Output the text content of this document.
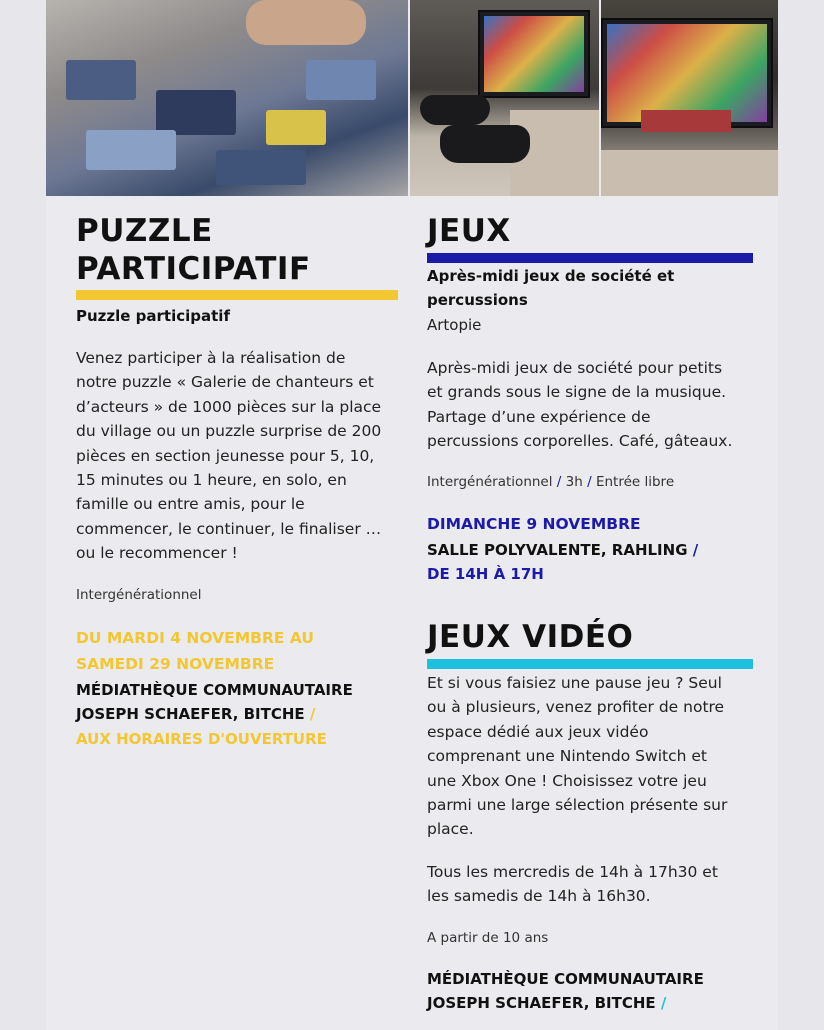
PUZZLE
PARTICIPATIF
Puzzle participatif
Venez participer à la réalisation de
notre puzzle « Galerie de chanteurs et
d’acteurs » de 1000 pièces sur la place
du village ou un puzzle surprise de 200
pièces en section jeunesse pour 5, 10,
15 minutes ou 1 heure, en solo, en
famille ou entre amis, pour le
commencer, le continuer, le finaliser …
ou le recommencer !
Intergénérationnel
DU MARDI 4 NOVEMBRE AU
SAMEDI 29 NOVEMBRE
MÉDIATHÈQUE COMMUNAUTAIRE
JOSEPH SCHAEFER, BITCHE /
AUX HORAIRES D'OUVERTURE
JEUX
Après-midi jeux de société et
percussions
Artopie
Après-midi jeux de société pour petits
et grands sous le signe de la musique.
Partage d’une expérience de
percussions corporelles. Café, gâteaux.
Intergénérationnel / 3h / Entrée libre
DIMANCHE 9 NOVEMBRE
SALLE POLYVALENTE, RAHLING /
DE 14H À 17H
JEUX VIDÉO
Et si vous faisiez une pause jeu ? Seul
ou à plusieurs, venez profiter de notre
espace dédié aux jeux vidéo
comprenant une Nintendo Switch et
une Xbox One ! Choisissez votre jeu
parmi une large sélection présente sur
place.
Tous les mercredis de 14h à 17h30 et
les samedis de 14h à 16h30.
A partir de 10 ans
MÉDIATHÈQUE COMMUNAUTAIRE
JOSEPH SCHAEFER, BITCHE /
